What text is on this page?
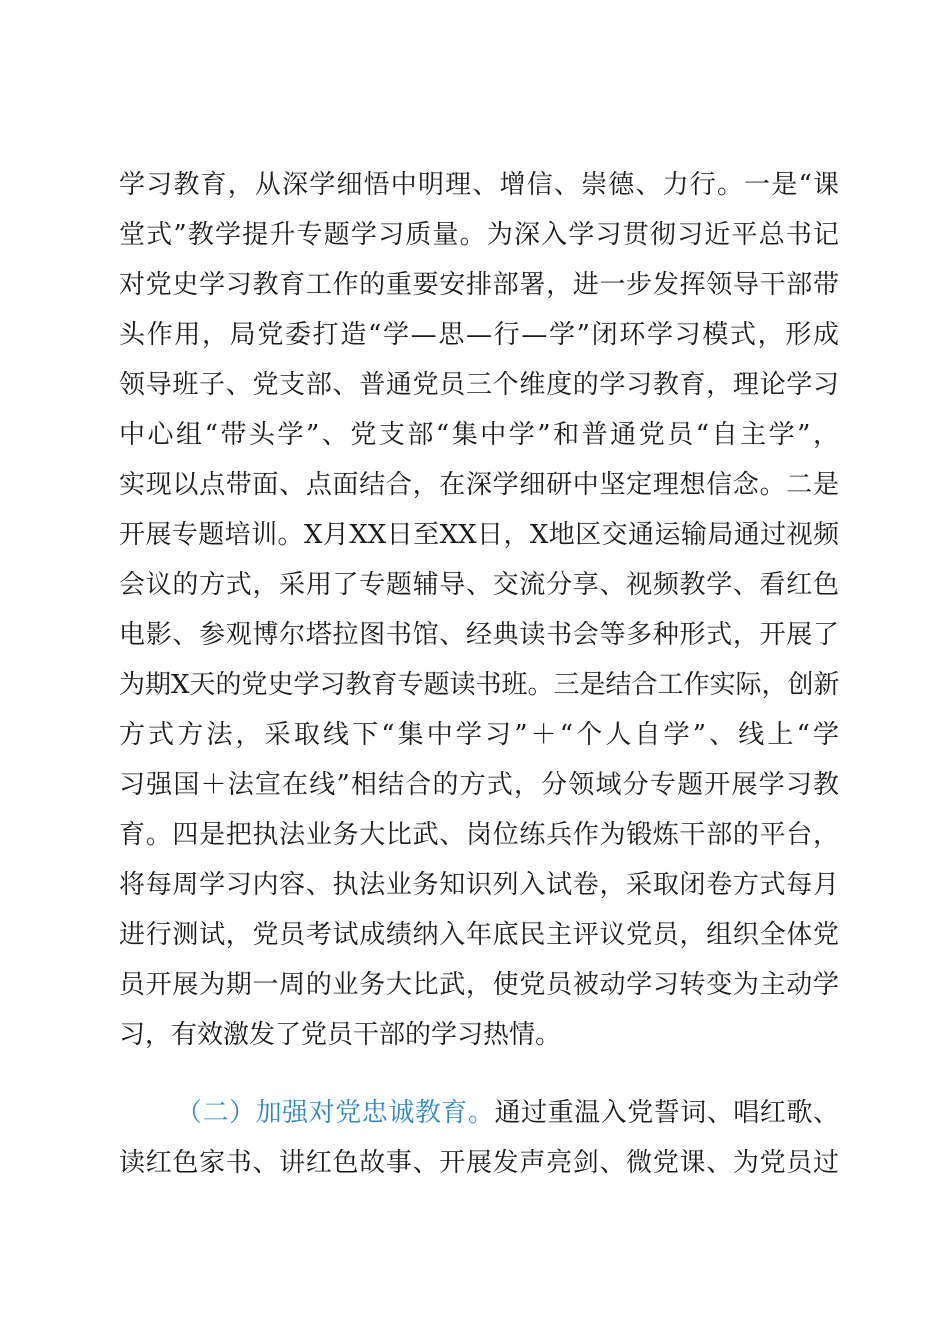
学习教育，从深学细悟中明理、增信、崇德、力行。一是“课
堂式”教学提升专题学习质量。为深入学习贯彻习近平总书记
对党史学习教育工作的重要安排部署，进一步发挥领导干部带
头作用，局党委打造“学—思—行—学”闭环学习模式，形成
领导班子、党支部、普通党员三个维度的学习教育，理论学习
中心组“带头学”、党支部“集中学”和普通党员“自主学”，
实现以点带面、点面结合，在深学细研中坚定理想信念。二是
开展专题培训。X月XX日至XX日，X地区交通运输局通过视频
会议的方式，采用了专题辅导、交流分享、视频教学、看红色
电影、参观博尔塔拉图书馆、经典读书会等多种形式，开展了
为期X天的党史学习教育专题读书班。三是结合工作实际，创新
方式方法，采取线下“集中学习”＋“个人自学”、线上“学
习强国＋法宣在线”相结合的方式，分领域分专题开展学习教
育。四是把执法业务大比武、岗位练兵作为锻炼干部的平台，
将每周学习内容、执法业务知识列入试卷，采取闭卷方式每月
进行测试，党员考试成绩纳入年底民主评议党员，组织全体党
员开展为期一周的业务大比武，使党员被动学习转变为主动学
习，有效激发了党员干部的学习热情。
（二）加强对党忠诚教育。通过重温入党誓词、唱红歌、
读红色家书、讲红色故事、开展发声亮剑、微党课、为党员过
